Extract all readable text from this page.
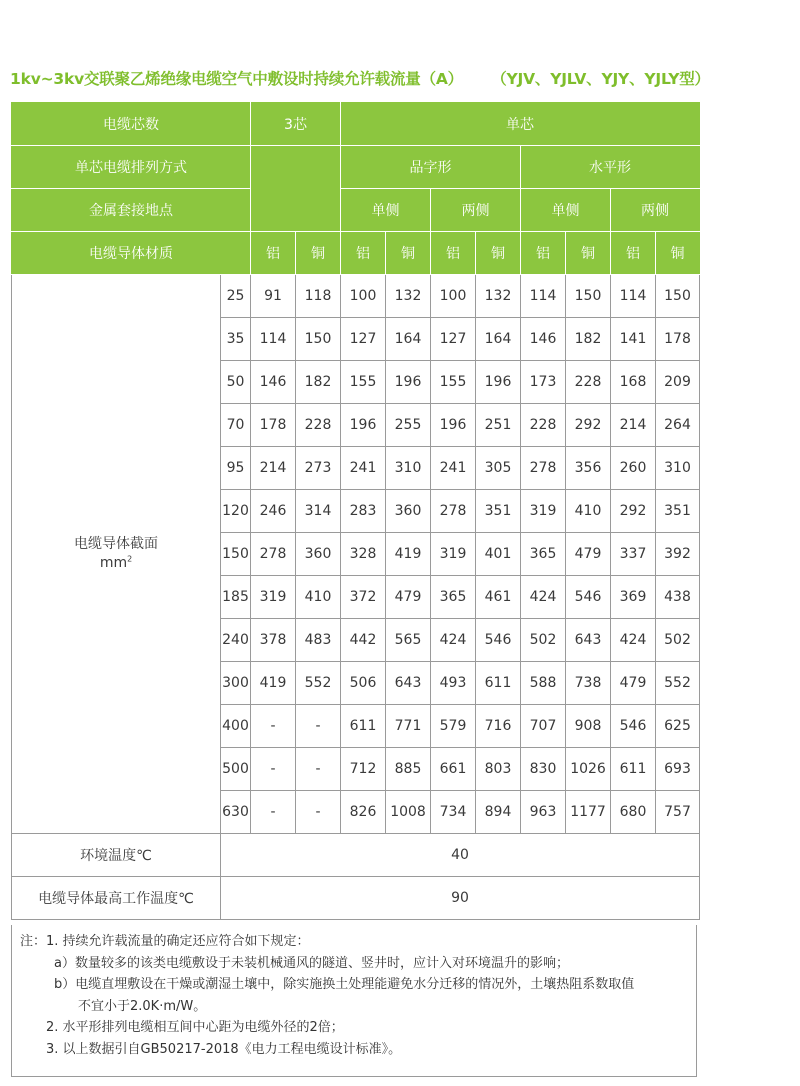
1kv~3kv交联聚乙烯绝缘电缆空气中敷设时持续允许载流量（A） （YJV、YJLV、YJY、YJLY型）
电缆芯数		3芯		单芯							
单芯电缆排列方式				品字形				水平形			
金属套接地点				单侧		两侧		单侧		两侧	
电缆导体材质		铝	铜	铝	铜	铝	铜	铝	铜	铝	铜

电缆导体截面
$mm^2$	25	91	118	100	132	100	132	114	150	114	150
	35	114	150	127	164	127	164	146	182	141	178
	50	146	182	155	196	155	196	173	228	168	209
	70	178	228	196	255	196	251	228	292	214	264
	95	214	273	241	310	241	305	278	356	260	310
	120	246	314	283	360	278	351	319	410	292	351
	150	278	360	328	419	319	401	365	479	337	392
	185	319	410	372	479	365	461	424	546	369	438
	240	378	483	442	565	424	546	502	643	424	502
	300	419	552	506	643	493	611	588	738	479	552
	400	-	-	611	771	579	716	707	908	546	625
	500	-	-	712	885	661	803	830	1026	611	693
	630	-	-	826	1008	734	894	963	1177	680	757
环境温度℃	40										
电缆导体最高工作温度℃	90										
注：1. 持续允许载流量的确定还应符合如下规定：
a）数量较多的该类电缆敷设于未装机械通风的隧道、竖井时，应计入对环境温升的影响；
b）电缆直埋敷设在干燥或潮湿土壤中，除实施换土处理能避免水分迁移的情况外，土壤热阻系数取值
不宜小于2.0K·m/W。
2. 水平形排列电缆相互间中心距为电缆外径的2倍；
3. 以上数据引自GB50217-2018《电力工程电缆设计标准》。
